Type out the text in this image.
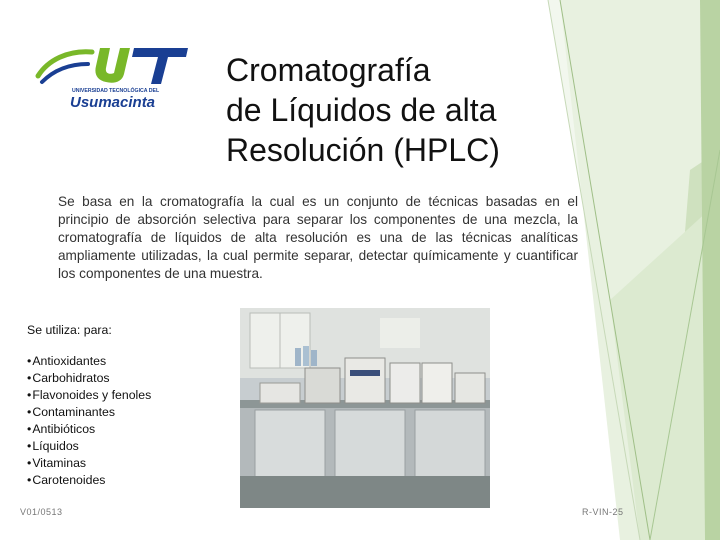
UNIVERSIDAD TECNOLÓGICA DEL
Usumacinta
Cromatografía
de Líquidos de alta
Resolución (HPLC)

Se basa en la cromatografía la cual es un conjunto de técnicas basadas en el principio de absorción selectiva para separar los componentes de una mezcla, la cromatografía de líquidos de alta resolución es una de las técnicas analíticas ampliamente utilizadas, la cual permite separar, detectar químicamente y cuantificar los componentes de una muestra.

Se utiliza: para:

•Antioxidantes
•Carbohidratos
•Flavonoides y fenoles
•Contaminantes
•Antibióticos
•Líquidos
•Vitaminas
•Carotenoides
V01/0513	R-VIN-25
